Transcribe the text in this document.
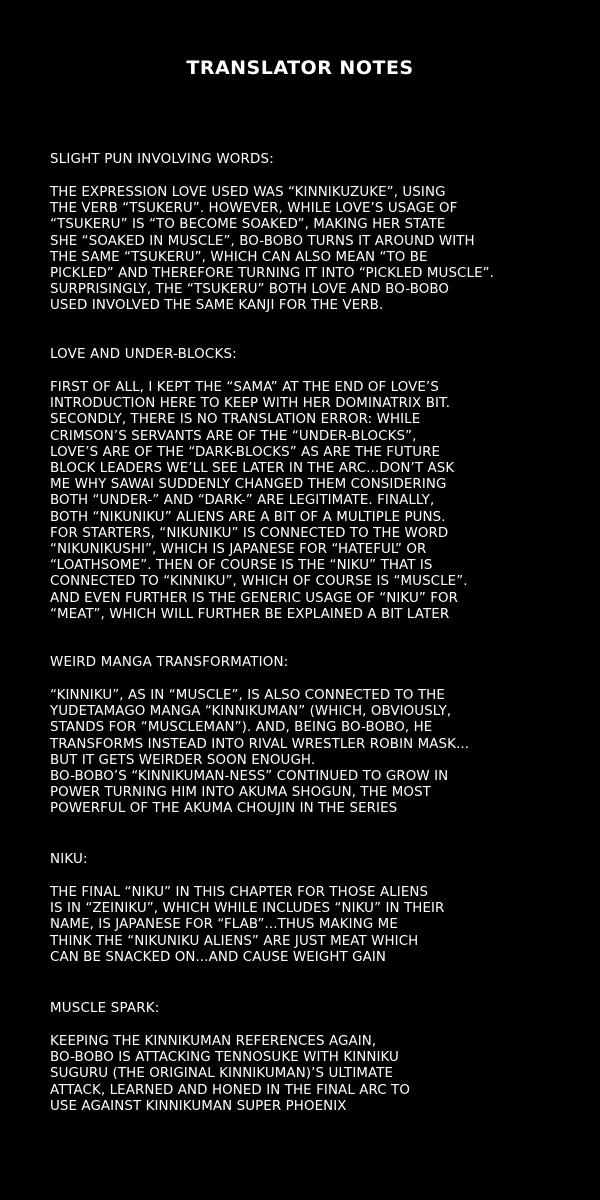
TRANSLATOR NOTES
SLIGHT PUN INVOLVING WORDS:
THE EXPRESSION LOVE USED WAS “KINNIKUZUKE”, USING
THE VERB “TSUKERU”. HOWEVER, WHILE LOVE’S USAGE OF
“TSUKERU” IS “TO BECOME SOAKED”, MAKING HER STATE
SHE “SOAKED IN MUSCLE”, BO-BOBO TURNS IT AROUND WITH
THE SAME “TSUKERU”, WHICH CAN ALSO MEAN “TO BE
PICKLED” AND THEREFORE TURNING IT INTO “PICKLED MUSCLE”.
SURPRISINGLY, THE “TSUKERU” BOTH LOVE AND BO-BOBO
USED INVOLVED THE SAME KANJI FOR THE VERB.
LOVE AND UNDER-BLOCKS:
FIRST OF ALL, I KEPT THE “SAMA” AT THE END OF LOVE’S
INTRODUCTION HERE TO KEEP WITH HER DOMINATRIX BIT.
SECONDLY, THERE IS NO TRANSLATION ERROR: WHILE
CRIMSON’S SERVANTS ARE OF THE “UNDER-BLOCKS”,
LOVE’S ARE OF THE “DARK-BLOCKS” AS ARE THE FUTURE
BLOCK LEADERS WE’LL SEE LATER IN THE ARC...DON’T ASK
ME WHY SAWAI SUDDENLY CHANGED THEM CONSIDERING
BOTH “UNDER-” AND “DARK-” ARE LEGITIMATE. FINALLY,
BOTH “NIKUNIKU” ALIENS ARE A BIT OF A MULTIPLE PUNS.
FOR STARTERS, “NIKUNIKU” IS CONNECTED TO THE WORD
“NIKUNIKUSHI”, WHICH IS JAPANESE FOR “HATEFUL” OR
“LOATHSOME”. THEN OF COURSE IS THE “NIKU” THAT IS
CONNECTED TO “KINNIKU”, WHICH OF COURSE IS “MUSCLE”.
AND EVEN FURTHER IS THE GENERIC USAGE OF “NIKU” FOR
“MEAT”, WHICH WILL FURTHER BE EXPLAINED A BIT LATER
WEIRD MANGA TRANSFORMATION:
“KINNIKU”, AS IN “MUSCLE”, IS ALSO CONNECTED TO THE
YUDETAMAGO MANGA “KINNIKUMAN” (WHICH, OBVIOUSLY,
STANDS FOR “MUSCLEMAN”). AND, BEING BO-BOBO, HE
TRANSFORMS INSTEAD INTO RIVAL WRESTLER ROBIN MASK...
BUT IT GETS WEIRDER SOON ENOUGH.
BO-BOBO’S “KINNIKUMAN-NESS” CONTINUED TO GROW IN
POWER TURNING HIM INTO AKUMA SHOGUN, THE MOST
POWERFUL OF THE AKUMA CHOUJIN IN THE SERIES
NIKU:
THE FINAL “NIKU” IN THIS CHAPTER FOR THOSE ALIENS
IS IN “ZEINIKU”, WHICH WHILE INCLUDES “NIKU” IN THEIR
NAME, IS JAPANESE FOR “FLAB”...THUS MAKING ME
THINK THE “NIKUNIKU ALIENS” ARE JUST MEAT WHICH
CAN BE SNACKED ON...AND CAUSE WEIGHT GAIN
MUSCLE SPARK:
KEEPING THE KINNIKUMAN REFERENCES AGAIN,
BO-BOBO IS ATTACKING TENNOSUKE WITH KINNIKU
SUGURU (THE ORIGINAL KINNIKUMAN)’S ULTIMATE
ATTACK, LEARNED AND HONED IN THE FINAL ARC TO
USE AGAINST KINNIKUMAN SUPER PHOENIX
